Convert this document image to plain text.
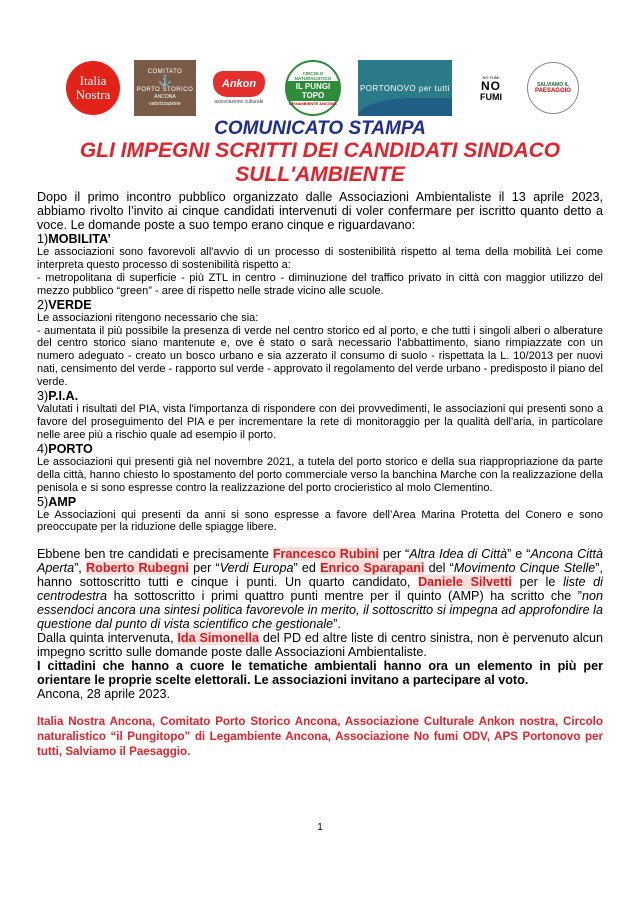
Italia Nostra
COMITATO
⚓
PORTO STORICO
ANCONA
valorizzazione
Ankon nostra
associazione culturale
CIRCOLO NATURALISTICO
IL PUNGI TOPO
LEGAMBIENTE ANCONA
PORTONOVO per tutti
NO FUMI
NO
FUMI
SALVIAMO IL
PAESAGGIO
COMUNICATO STAMPA
GLI IMPEGNI SCRITTI DEI CANDIDATI SINDACO
SULL'AMBIENTE

Dopo il primo incontro pubblico organizzato dalle Associazioni Ambientaliste il 13 aprile 2023, abbiamo rivolto l’invito ai cinque candidati intervenuti di voler confermare per iscritto quanto detto a voce. Le domande poste a suo tempo erano cinque e riguardavano:

1)MOBILITA’

Le associazioni sono favorevoli all'avvio di un processo di sostenibilità rispetto al tema della mobilità Lei come interpreta questo processo di sostenibilità rispetto a:
- metropolitana di superficie - più ZTL in centro - diminuzione del traffico privato in città con maggior utilizzo del mezzo pubblico “green” - aree di rispetto nelle strade vicino alle scuole.

2)VERDE

Le associazioni ritengono necessario che sia:
- aumentata il più possibile la presenza di verde nel centro storico ed al porto, e che tutti i singoli alberi o alberature del centro storico siano mantenute e, ove è stato o sarà necessario l'abbattimento, siano rimpiazzate con un numero adeguato - creato un bosco urbano e sia azzerato il consumo di suolo - rispettata la L. 10/2013 per nuovi nati, censimento del verde - rapporto sul verde - approvato il regolamento del verde urbano - predisposto il piano del verde.

3)P.I.A.

Valutati i risultati del PIA, vista l'importanza di rispondere con dei provvedimenti, le associazioni qui presenti sono a favore del proseguimento del PIA e per incrementare la rete di monitoraggio per la qualità dell'aria, in particolare nelle aree più a rischio quale ad esempio il porto.

4)PORTO

Le associazioni qui presenti già nel novembre 2021, a tutela del porto storico e della sua riappropriazione da parte della città, hanno chiesto lo spostamento del porto commerciale verso la banchina Marche con la realizzazione della penisola e si sono espresse contro la realizzazione del porto crocieristico al molo Clementino.

5)AMP

Le Associazioni qui presenti da anni si sono espresse a favore dell’Area Marina Protetta del Conero e sono preoccupate per la riduzione delle spiagge libere.

Ebbene ben tre candidati e precisamente Francesco Rubini per “Altra Idea di Città” e “Ancona Città Aperta”, Roberto Rubegni per “Verdi Europa” ed Enrico Sparapani del “Movimento Cinque Stelle”, hanno sottoscritto tutti e cinque i punti. Un quarto candidato, Daniele Silvetti per le liste di centrodestra ha sottoscritto i primi quattro punti mentre per il quinto (AMP) ha scritto che ”non essendoci ancora una sintesi politica favorevole in merito, il sottoscritto si impegna ad approfondire la questione dal punto di vista scientifico che gestionale”.

Dalla quinta intervenuta, Ida Simonella del PD ed altre liste di centro sinistra, non è pervenuto alcun impegno scritto sulle domande poste dalle Associazioni Ambientaliste.

I cittadini che hanno a cuore le tematiche ambientali hanno ora un elemento in più per orientare le proprie scelte elettorali. Le associazioni invitano a partecipare al voto.

Ancona, 28 aprile 2023.

Italia Nostra Ancona, Comitato Porto Storico Ancona, Associazione Culturale Ankon nostra, Circolo naturalistico “il Pungitopo” di Legambiente Ancona, Associazione No fumi ODV, APS Portonovo per tutti, Salviamo il Paesaggio.

1
